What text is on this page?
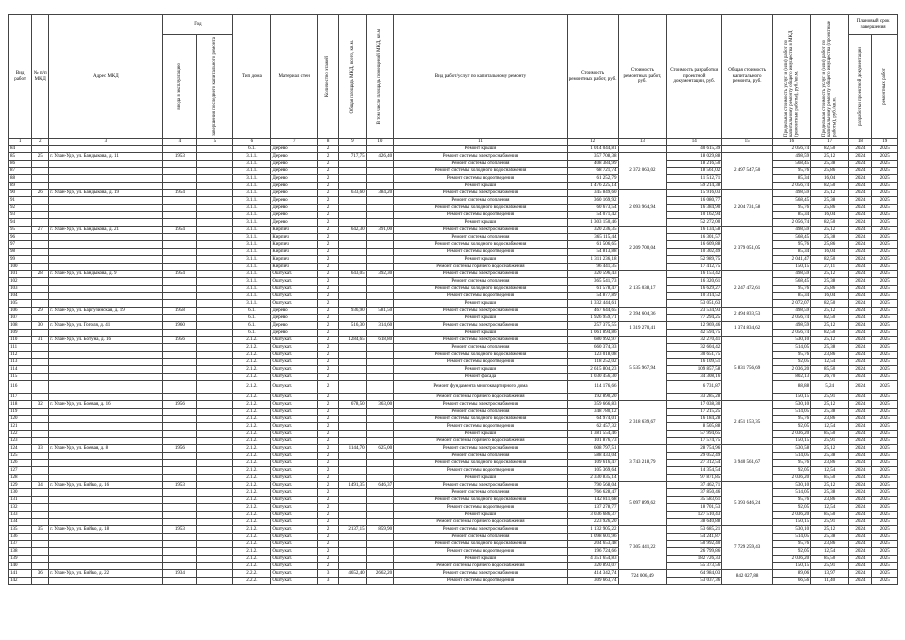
Вид работ	№ п/п МКД	Адрес МКД	Год		Тип дома	Материал стен	Количество этажей	Общая площадь МКД, всего, кв.м.	В том числе площадь помещений МКД, кв.м	Вид работ/услуг по капитальному ремонту	Стоимость ремонтных работ, руб.	Стоимость ремонтных работ, руб.	Стоимость разработки проектной документации, руб.	Общая стоимость капитального ремонта, руб.	Предельная стоимость услуг и (или) работ по капитальному ремонту общего имущества в МКД (ремонтные работы), руб./кв.м.	Предельная стоимость услуг и (или) работ по капитальному ремонту общего имущества (проектные работы), руб./кв.м.	Плановый срок завершения	

			ввода в эксплуатацию	завершения последнего капитального ремонта													разработки проектной документации	ремонтных работ

1	2	3	4	5	6	7	8	9	10	11	12	13	14	15	16	17	18	19
84					6.1.	Дерево	2			Ремонт крыши	1 014 044,81		40 615,39		2 056,74	82,50	2024	2025
85	25	г. Улан-Удэ, ул. Бандыкова, д. 11	1953		3.1.1.	Дерево	2	717,75	426,40	Ремонт системы электроснабжения	357 708,38	2 372 063,02	18 029,88	2 497 547,50	498,59	25,12	2024	2025
86					3.1.1.	Дерево	2			Ремонт системы отопления	408 384,99		18 216,50		568,45	25,38	2024	2025
87					3.1.1.	Дерево	2			Ремонт системы холодного водоснабжения	68 721,74		18 561,02		95,76	25,86	2024	2025
88					3.1.1.	Дерево	2			Ремонт системы водоотведения	61 252,79		11 512,71		85,34	16,04	2024	2025
89					3.1.1.	Дерево	2			Ремонт крыши	1 476 225,14		59 214,38		2 056,74	82,50	2024	2025
90	26	г. Улан-Удэ, ул. Бандыкова, д. 19	1954		3.1.1.	Дерево	2	633,60	384,20	Ремонт системы электроснабжения	345 849,60	2 093 964,94	15 916,03	2 204 731,58	498,59	25,12	2024	2025
91					3.1.1.	Дерево	2			Ремонт системы отопления	360 169,92		16 080,77		568,45	25,38	2024	2025
92					3.1.1.	Дерево	2			Ремонт системы холодного водоснабжения	60 673,54		16 384,90		95,76	25,86	2024	2025
93					3.1.1.	Дерево	2			Ремонт системы водоотведения	54 071,42		10 162,94		85,34	16,04	2024	2025
94					3.1.1.	Дерево	2			Ремонт крыши	1 303 150,46		52 272,00		2 056,74	82,50	2024	2025
95	27	г. Улан-Удэ, ул. Бандыкова, д. 21	1954		3.1.1.	Кирпич	2	642,30	391,00	Ремонт системы электроснабжения	320 236,35	2 209 700,04	16 134,58	2 379 051,05	498,59	25,12	2024	2025
96					3.1.1.	Кирпич	2			Ремонт системы отопления	365 115,44		16 301,57		568,45	25,38	2024	2025
97					3.1.1.	Кирпич	2			Ремонт системы холодного водоснабжения	61 506,65		16 609,88		95,76	25,86	2024	2025
98					3.1.1.	Кирпич	2			Ремонт системы водоотведения	54 813,88		10 302,49		85,34	16,04	2024	2025
99					3.1.1.	Кирпич	2			Ремонт крыши	1 311 236,18		52 989,75		2 041,47	82,50	2024	2025
100					3.1.1.	Кирпич	2			Ремонт системы горячего водоснабжения	96 441,35		17 412,75		150,15	27,11	2024	2025
101	28	г. Улан-Удэ, ул. Бандыкова, д. 9	1954		3.1.1.	Оштукат.	2	643,05	392,30	Ремонт системы электроснабжения	320 596,43	2 135 038,17	16 153,42	2 247 472,61	498,59	25,12	2024	2025
102					3.1.1.	Оштукат.	2			Ремонт системы отопления	365 541,73		16 320,61		568,45	25,38	2024	2025
103					3.1.1.	Оштукат.	2			Ремонт системы холодного водоснабжения	61 578,47		16 629,27		95,76	25,86	2024	2025
104					3.1.1.	Оштукат.	2			Ремонт системы водоотведения	54 877,89		10 314,52		85,34	16,04	2024	2025
105					3.1.1.	Оштукат.	2			Ремонт крыши	1 332 444,61		53 051,63		2 072,07	82,50	2024	2025
106	29	г. Улан-Удэ, ул. Баргузинская, д. 19	1958		6.1.	Дерево	2	936,90	581,50	Ремонт системы электроснабжения	467 644,65	2 394 604,36	23 534,93	2 494 833,53	498,59	25,12	2024	2025
107					6.1.	Дерево	2			Ремонт крыши	1 926 959,71		77 294,25		2 056,74	82,50	2024	2025
108	30	г. Улан-Удэ, ул. Гоголя, д. 41	1960		6.1.	Дерево	2	516,30	314,60	Ремонт системы электроснабжения	257 375,55	1 319 270,41	12 969,46	1 374 834,62	498,59	25,12	2024	2025
109					6.1.	Дерево	2			Ремонт крыши	1 061 894,86		42 594,75		2 056,74	82,50	2024	2025
110	31	г. Улан-Удэ, ул. Ботуна, д. 16	1956		2.1.2.	Оштукат.	2	1284,65	618,80	Ремонт системы электроснабжения	680 992,97	5 535 967,94	32 270,41	5 831 756,69	530,10	25,12	2024	2025
111					2.1.2.	Оштукат.	2			Ремонт системы отопления	660 374,33		32 604,42		514,05	25,38	2024	2025
112					2.1.2.	Оштукат.	2			Ремонт системы холодного водоснабжения	123 018,08		30 651,75		95,76	23,86	2024	2025
113					2.1.2.	Оштукат.	2			Ремонт системы водоотведения	118 252,02		16 109,51		92,05	12,54	2024	2025
114					2.1.2.	Оштукат.	2			Ремонт крыши	2 615 804,23		109 857,58		2 036,20	85,50	2024	2025
115					2.1.2.	Оштукат.	2			Ремонт фасада	1 030 456,30		34 308,16		802,13	26,70	2024	2025
116					2.1.2.	Оштукат.	2			Ремонт фундамента многоквартирного дома	114 176,66		6 731,87		88,88	5,24	2024	2025
117					2.1.2.	Оштукат.	2			Ремонт системы горячего водоснабжения	192 890,20		33 285,28		150,15	25,91	2024	2025
118	32	г. Улан-Удэ, ул. Боевая, д. 16	1956		2.1.2.	Оштукат.	2	678,50	363,00	Ремонт системы электроснабжения	359 666,83	2 318 639,67	17 038,30	2 451 153,35	530,10	25,12	2024	2025
119					2.1.2.	Оштукат.	2			Ремонт системы отопления	348 780,12		17 215,25		514,05	25,38	2024	2025
120					2.1.2.	Оштукат.	2			Ремонт системы холодного водоснабжения	64 974,01		16 184,28		95,76	23,86	2024	2025
121					2.1.2.	Оштукат.	2			Ремонт системы водоотведения	62 457,32		8 505,88		92,05	12,54	2024	2025
122					2.1.2.	Оштукат.	2			Ремонт крыши	1 381 554,46		57 994,65		2 036,20	85,50	2024	2025
123					2.1.2.	Оштукат.	2			Ремонт системы горячего водоснабжения	101 876,73		17 574,75		150,15	25,91	2024	2025
124	33	г. Улан-Удэ, ул. Боевая, д. 8	1956		2.1.2.	Оштукат.	2	1144,70	625,00	Ремонт системы электроснабжения	608 797,51	3 743 218,79	28 754,96	3 940 561,67	530,58	25,12	2024	2025
125					2.1.2.	Оштукат.	2			Ремонт системы отопления	588 433,04		29 052,49		514,05	25,38	2024	2025
126					2.1.2.	Оштукат.	2			Ремонт системы холодного водоснабжения	109 616,47		27 312,54		95,76	23,86	2024	2025
127					2.1.2.	Оштукат.	2			Ремонт системы водоотведения	105 369,64		14 354,54		92,05	12,54	2024	2025
128					2.1.2.	Оштукат.	2			Ремонт крыши	2 330 835,14		97 871,85		2 036,20	85,50	2024	2025
129	34	г. Улан-Удэ, ул. Бийко, д. 16	1953		2.1.2.	Оштукат.	2	1491,35	646,37	Ремонт системы электроснабжения	790 568,04	5 097 899,62	37 462,71	5 393 646,24	530,10	25,12	2024	2025
130					2.1.2.	Оштукат.	2			Ремонт системы отопления	766 628,47		37 850,46		514,05	25,38	2024	2025
131					2.1.2.	Оштукат.	2			Ремонт системы холодного водоснабжения	142 811,68		35 583,61		95,76	23,86	2024	2025
132					2.1.2.	Оштукат.	2			Ремонт системы водоотведения	137 278,77		18 701,53		92,05	12,54	2024	2025
133					2.1.2.	Оштукат.	2			Ремонт крыши	3 036 686,37		127 510,43		2 036,20	85,50	2024	2025
134					2.1.2.	Оштукат.	2			Ремонт системы горячего водоснабжения	223 926,20		38 640,88		150,15	25,91	2024	2025
135	35	г. Улан-Удэ, ул. Бийко, д. 18	1953		2.1.2.	Оштукат.	2	2137,15	859,90	Ремонт системы электроснабжения	1 132 905,22	7 305 441,22	53 685,21	7 729 259,43	530,10	25,12	2024	2025
136					2.1.2.	Оштукат.	2			Ремонт системы отопления	1 098 601,96		54 241,87		514,05	25,38	2024	2025
137					2.1.2.	Оштукат.	2			Ремонт системы холодного водоснабжения	204 653,48		50 992,40		95,76	23,86	2024	2025
138					2.1.2.	Оштукат.	2			Ремонт системы водоотведения	196 724,66		26 799,86		92,05	12,54	2024	2025
139					2.1.2.	Оштукат.	2			Ремонт крыши	4 351 654,83		182 726,33		2 036,20	85,50	2024	2025
140					2.1.2.	Оштукат.	2			Ремонт системы горячего водоснабжения	320 893,07		55 373,56		150,15	25,91	2024	2025
141	36	г. Улан-Удэ, ул. Бийко, д. 22	1934		2.2.2.	Оштукат.	3	4652,40	2662,20	Ремонт системы электроснабжения	414 342,74	724 006,49	64 984,03	842 027,88	89,06	13,97	2024	2025
142					2.2.2.	Оштукат.	3			Ремонт системы водоотведения	309 663,74		53 037,36		66,56	11,40	2024	2025
